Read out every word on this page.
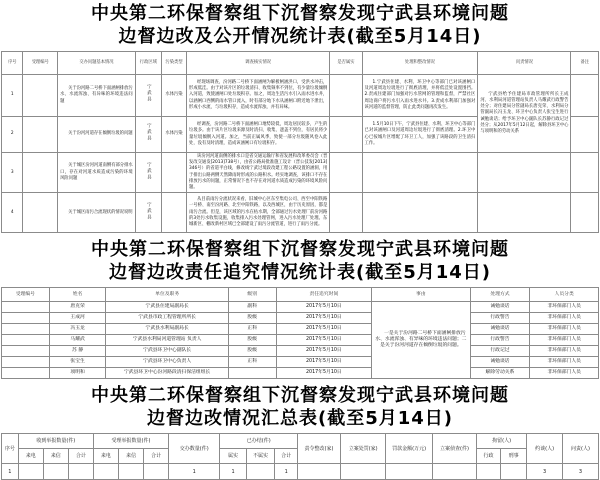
中央第二环保督察组下沉督察发现宁武县环境问题
边督边改及公开情况统计表(截至5月14日)
序号	受理编号	交办问题基本情况	行政区域	污染类型	调查核实情况	是否属实	处理和整改情况	问责情况	备注
1		关于汾河路二号桥下面涵闸排放污水、水流浑浊、有异味的环境违法问题	宁武县	水体污染	经现场调查，汾河路二号桥下面涵闸为解板闸涵洪口，受洪水冲击，形成低洼。由于对该片区的垃圾清扫、收集频率不到位，有少量垃圾倾倒入河道，致使涵闸口处垃圾积存。加之，周边生活污水引入雨水进水井，以涵闸口西侧的雨水管口流入，时有部分地下水从涵闸口附近地下泄出，形成小水流，与垃圾积存，造成水流浑浊，并有异味。		1.宁武县住建、水利、环卫中心等部门已对该涵闸口及河道周边垃圾进行了彻底清理，并将低洼处设置围挡。2.责成住建部门加强对污水管网的管理和监督，严禁社区周边商户将污水引入雨水进水井。3.责成水利部门加强对该河道的监督管理，防止此类问题再次发生。	宁武县给予住建局市政管理所所长王成河、水利局河道管理站负责人马耀武行政警告处分；对住建局分管副局长唐克荣、水利局分管副局长冯玉龙、环卫中心负责人张宝生进行诫勉谈话；给予环卫中心副队长苏静行政记过处分；从2017年5月12日起，解除县环卫中心与项明和的劳动关系	
2		关于汾河河道存在倾倒垃圾的问题	宁武县	水体污染	经调查，汾河路二号桥下面涵闸口地势较低，周边居民较多，产生的垃圾多。由于该片区垃圾来源及时清扫、收集、遮盖不到位，有居民将少量垃圾倾倒入河道。加之，当前正属风季，致使一部分垃圾随风卷入此处，没有及时清理，造成该涵闸口有垃圾积存。		1.5月10日下午，宁武县住建、水利、环卫中心等部门已对该涵闸口及河道周边垃圾进行了彻底清理。2.环卫中心已按城片区增配了环卫工人，加强了该路段的卫生清扫工作。		
3		关于城区汾河河道南侧有部分排水口，存在对河道水质造成污染的环境风险问题	宁武县		该汾河河道南侧的排水口是省交通运输厅和省发展和改革委员会（晋发改交通发[2013]738号），由省公路局批准施工设计（晋公技发[2013]346号）的省道平白线，修改线宁武过境段改建工程公路设置的涵洞，用于排出公路两侧天然降雨时形成的公路积水。经实地调查，该排口不存在排放污水的问题，正常情况下也不存在对河道水质造成污染的环境风险问题。				
4		关于城区雨污合流现状的情况说明	宁武县		从目前雨污分流状况来看，旧城中心区东至集电公司、西至中阳铁路一号桥、南至汾河路、北至中阳铁路，以及西城区，由于历史原因，都是雨污合流。但是，该区域的污水在枯水期，全部通过污水处理厂前汾河路的3处污水收集设施，收集排入污水处理管网，进入污水处理厂处理。东城新区、棚改新村区域已全部建设了雨污分流管道，进行了雨污分流。				
中央第二环保督察组下沉督察发现宁武县环境问题
边督边改责任追究情况统计表(截至5月14日)
受理编号	姓名	单位及职务	级别	责任追究时间	事由	处理方式	人员分类
	唐克荣	宁武县住建局副局长	副科	2017年5月10日	一是关于汾河路二号桥下面涵闸排放污水、水流浑浊、有异味的环境违法问题；二是关于汾河河道存在倾倒垃圾的问题。	诫勉谈话	非环保部门人员
	王成河	宁武县市政工程管理所所长	股级	2017年5月10日		行政警告	非环保部门人员
	冯玉龙	宁武县水利局副局长	正科	2017年5月10日		诫勉谈话	非环保部门人员
	马耀武	宁武县水利局河道管理站 负责人	股级	2017年5月10日		行政警告	非环保部门人员
	苏 静	宁武县环卫中心副队长	股级	2017年5月10日		行政记过	非环保部门人员
	张宝生	宁武县环卫中心负责人	正科	2017年5月10日		诫勉谈话	非环保部门人员
	项明和	宁武县环卫中心汾河路段清扫保洁组组长		2017年5月10日		解除劳动关系	非环保部门人员
中央第二环保督察组下沉督察发现宁武县环境问题
边督边改情况汇总表(截至5月14日)
序号	收到举报数量(件)			受理举报数量(件)			交办数量(件)	已办结(件)			责令整改(家)	立案处罚(家)	罚款金额(万元)	立案侦查(件)	拘留(人)		约谈(人)	问责(人)
	来电	来信	合计	来电	来信	合计		属实	不属实	合计					行政	刑事		
1							1	1		1							3	3
